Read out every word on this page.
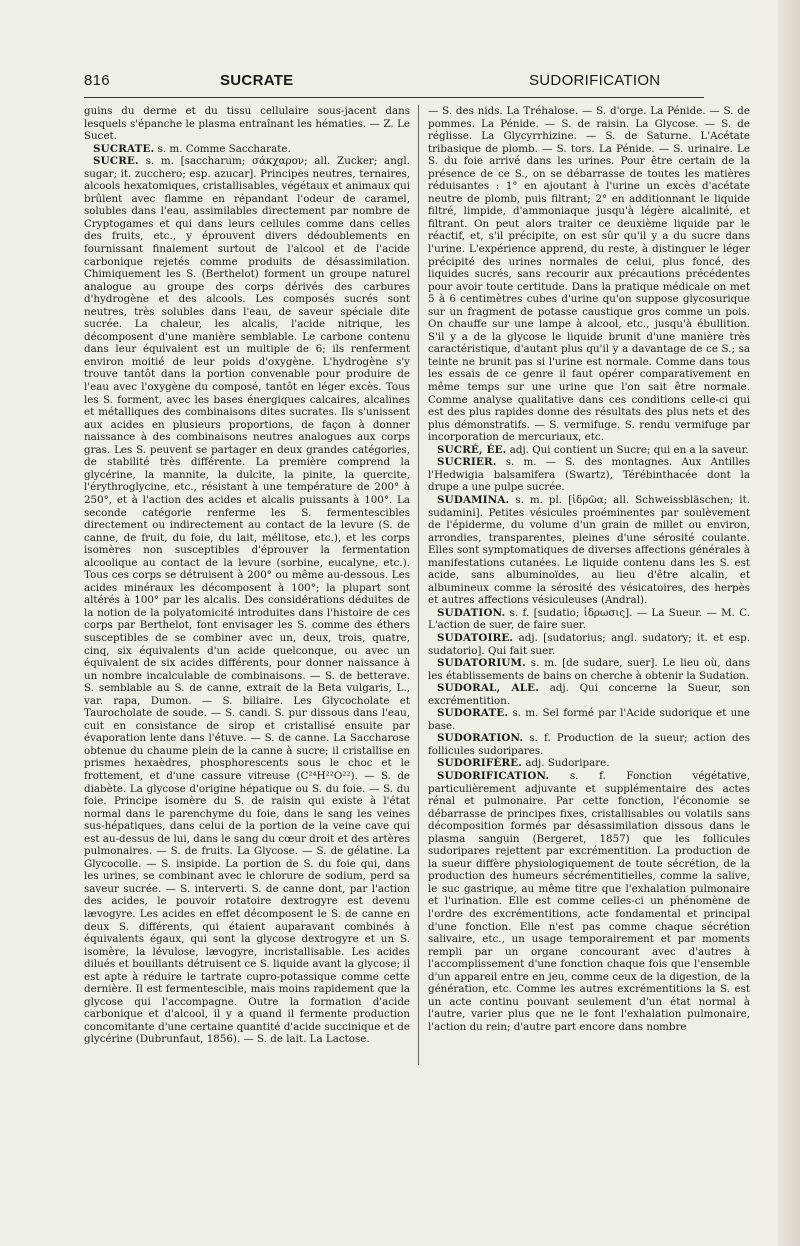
816	SUCRATE	SUDORIFICATION

guins du derme et du tissu cellulaire sous-jacent dans lesquels s'épanche le plasma entraînant les hématies. — Z. Le Sucet.

SUCRATE. s. m. Comme Saccharate.

SUCRE. s. m. [saccharum; σάκχαρον; all. Zucker; angl. sugar; it. zucchero; esp. azucar]. Principes neutres, ternaires, alcools hexatomiques, cristallisables, végétaux et animaux qui brûlent avec flamme en répandant l'odeur de caramel, solubles dans l'eau, assimilables directement par nombre de Cryptogames et qui dans leurs cellules comme dans celles des fruits, etc., y éprouvent divers dédoublements en fournissant finalement surtout de l'alcool et de l'acide carbonique rejetés comme produits de désassimilation. Chimiquement les S. (Berthelot) forment un groupe naturel analogue au groupe des corps dérivés des carbures d'hydrogène et des alcools. Les composés sucrés sont neutres, très solubles dans l'eau, de saveur spéciale dite sucrée. La chaleur, les alcalis, l'acide nitrique, les décomposent d'une manière semblable. Le carbone contenu dans leur équivalent est un multiple de 6; ils renferment environ moitié de leur poids d'oxygène. L'hydrogène s'y trouve tantôt dans la portion convenable pour produire de l'eau avec l'oxygène du composé, tantôt en léger excès. Tous les S. forment, avec les bases énergiques calcaires, alcalines et métalliques des combinaisons dites sucrates. Ils s'unissent aux acides en plusieurs proportions, de façon à donner naissance à des combinaisons neutres analogues aux corps gras. Les S. peuvent se partager en deux grandes catégories, de stabilité très différente. La première comprend la glycérine, la mannite, la dulcite, la pinite, la quercite, l'érythroglycine, etc., résistant à une température de 200° à 250°, et à l'action des acides et alcalis puissants à 100°. La seconde catégorie renferme les S. fermentescibles directement ou indirectement au contact de la levure (S. de canne, de fruit, du foie, du lait, mélitose, etc.), et les corps isomères non susceptibles d'éprouver la fermentation alcoolique au contact de la levure (sorbine, eucalyne, etc.). Tous ces corps se détruisent à 200° ou même au-dessous. Les acides minéraux les décomposent à 100°; la plupart sont altérés à 100° par les alcalis. Des considérations déduites de la notion de la polyatomicité introduites dans l'histoire de ces corps par Berthelot, font envisager les S. comme des éthers susceptibles de se combiner avec un, deux, trois, quatre, cinq, six équivalents d'un acide quelconque, ou avec un équivalent de six acides différents, pour donner naissance à un nombre incalculable de combinaisons. — S. de betterave. S. semblable au S. de canne, extrait de la Beta vulgaris, L., var. rapa, Dumon. — S. biliaire. Les Glycocholate et Taurocholate de soude. — S. candi. S. pur dissous dans l'eau, cuit en consistance de sirop et cristallisé ensuite par évaporation lente dans l'étuve. — S. de canne. La Saccharose obtenue du chaume plein de la canne à sucre; il cristallise en prismes hexaèdres, phosphorescents sous le choc et le frottement, et d'une cassure vitreuse (C²⁴H²²O²²). — S. de diabète. La glycose d'origine hépatique ou S. du foie. — S. du foie. Principe isomère du S. de raisin qui existe à l'état normal dans le parenchyme du foie, dans le sang les veines sus-hépatiques, dans celui de la portion de la veine cave qui est au-dessus de lui, dans le sang du cœur droit et des artères pulmonaires. — S. de fruits. La Glycose. — S. de gélatine. La Glycocolle. — S. insipide. La portion de S. du foie qui, dans les urines, se combinant avec le chlorure de sodium, perd sa saveur sucrée. — S. interverti. S. de canne dont, par l'action des acides, le pouvoir rotatoire dextrogyre est devenu lævogyre. Les acides en effet décomposent le S. de canne en deux S. différents, qui étaient auparavant combinés à équivalents égaux, qui sont la glycose dextrogyre et un S. isomère, la lévulose, lævogyre, incristallisable. Les acides dilués et bouillants détruisent ce S. liquide avant la glycose; il est apte à réduire le tartrate cupro-potassique comme cette dernière. Il est fermentescible, mais moins rapidement que la glycose qui l'accompagne. Outre la formation d'acide carbonique et d'alcool, il y a quand il fermente production concomitante d'une certaine quantité d'acide succinique et de glycérine (Dubrunfaut, 1856). — S. de lait. La Lactose.

— S. des nids. La Tréhalose. — S. d'orge. La Pénide. — S. de pommes. La Pénide. — S. de raisin. La Glycose. — S. de réglisse. La Glycyrrhizine. — S. de Saturne. L'Acétate tribasique de plomb. — S. tors. La Pénide. — S. urinaire. Le S. du foie arrivé dans les urines. Pour être certain de la présence de ce S., on se débarrasse de toutes les matières réduisantes : 1° en ajoutant à l'urine un excès d'acétate neutre de plomb, puis filtrant; 2° en additionnant le liquide filtré, limpide, d'ammoniaque jusqu'à légère alcalinité, et filtrant. On peut alors traiter ce deuxième liquide par le réactif, et, s'il précipite, on est sûr qu'il y a du sucre dans l'urine. L'expérience apprend, du reste, à distinguer le léger précipité des urines normales de celui, plus foncé, des liquides sucrés, sans recourir aux précautions précédentes pour avoir toute certitude. Dans la pratique médicale on met 5 à 6 centimètres cubes d'urine qu'on suppose glycosurique sur un fragment de potasse caustique gros comme un pois. On chauffe sur une lampe à alcool, etc., jusqu'à ébullition. S'il y a de la glycose le liquide brunit d'une manière très caractéristique, d'autant plus qu'il y a davantage de ce S.; sa teinte ne brunit pas si l'urine est normale. Comme dans tous les essais de ce genre il faut opérer comparativement en même temps sur une urine que l'on sait être normale. Comme analyse qualitative dans ces conditions celle-ci qui est des plus rapides donne des résultats des plus nets et des plus démonstratifs. — S. vermifuge. S. rendu vermifuge par incorporation de mercuriaux, etc.

SUCRÉ, ÉE. adj. Qui contient un Sucre; qui en a la saveur.

SUCRIER. s. m. — S. des montagnes. Aux Antilles l'Hedwigia balsamifera (Swartz), Térébinthacée dont la drupe a une pulpe sucrée.

SUDAMINA. s. m. pl. [ἱδρῶα; all. Schweissbläschen; it. sudamini]. Petites vésicules proéminentes par soulèvement de l'épiderme, du volume d'un grain de millet ou environ, arrondies, transparentes, pleines d'une sérosité coulante. Elles sont symptomatiques de diverses affections générales à manifestations cutanées. Le liquide contenu dans les S. est acide, sans albuminoïdes, au lieu d'être alcalin, et albumineux comme la sérosité des vésicatoires, des herpès et autres affections vésiculeuses (Andral).

SUDATION. s. f. [sudatio; ἱδρωσις]. — La Sueur. — M. C. L'action de suer, de faire suer.

SUDATOIRE. adj. [sudatorius; angl. sudatory; it. et esp. sudatorio]. Qui fait suer.

SUDATORIUM. s. m. [de sudare, suer]. Le lieu où, dans les établissements de bains on cherche à obtenir la Sudation.

SUDORAL, ALE. adj. Qui concerne la Sueur, son excrémentition.

SUDORATE. s. m. Sel formé par l'Acide sudorique et une base.

SUDORATION. s. f. Production de la sueur; action des follicules sudoripares.

SUDORIFÈRE. adj. Sudoripare.

SUDORIFICATION. s. f. Fonction végétative, particulièrement adjuvante et supplémentaire des actes rénal et pulmonaire. Par cette fonction, l'économie se débarrasse de principes fixes, cristallisables ou volatils sans décomposition formés par désassimilation dissous dans le plasma sanguin (Bergeret, 1857) que les follicules sudoripares rejettent par excrémentition. La production de la sueur diffère physiologiquement de toute sécrétion, de la production des humeurs sécrémentitielles, comme la salive, le suc gastrique, au même titre que l'exhalation pulmonaire et l'urination. Elle est comme celles-ci un phénomène de l'ordre des excrémentitions, acte fondamental et principal d'une fonction. Elle n'est pas comme chaque sécrétion salivaire, etc., un usage temporairement et par moments rempli par un organe concourant avec d'autres à l'accomplissement d'une fonction chaque fois que l'ensemble d'un appareil entre en jeu, comme ceux de la digestion, de la génération, etc. Comme les autres excrémentitions la S. est un acte continu pouvant seulement d'un état normal à l'autre, varier plus que ne le font l'exhalation pulmonaire, l'action du rein; d'autre part encore dans nombre
